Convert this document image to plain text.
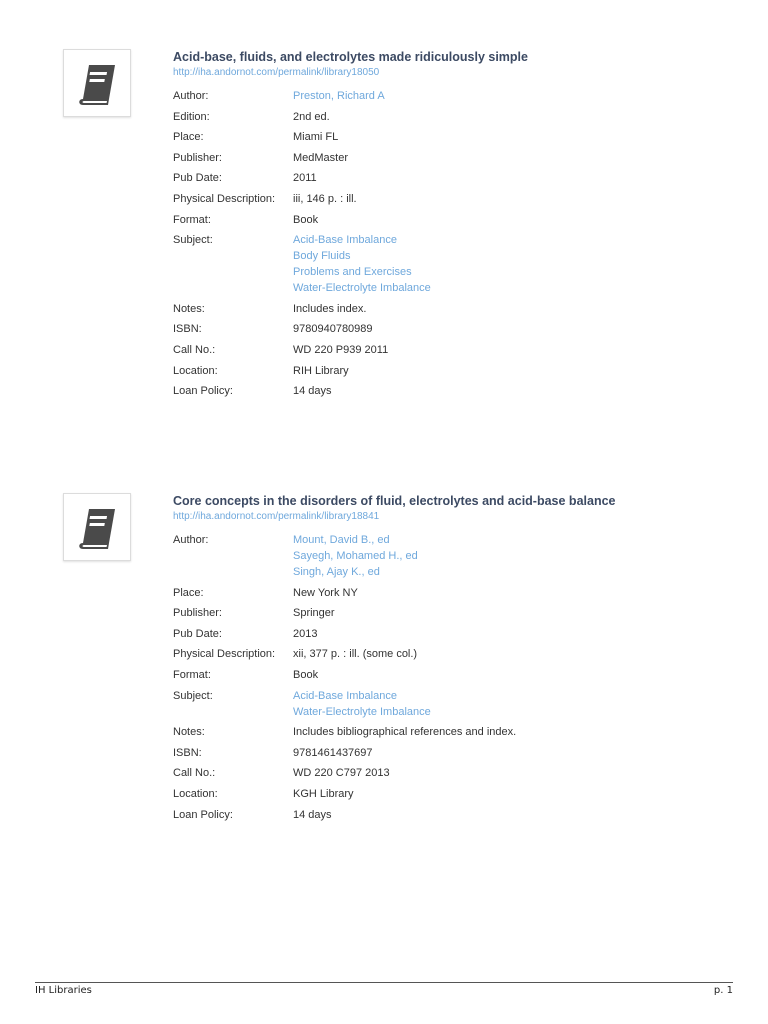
Acid-base, fluids, and electrolytes made ridiculously simple
http://iha.andornot.com/permalink/library18050
Author:	Preston, Richard A
Edition:	2nd ed.
Place:	Miami FL
Publisher:	MedMaster
Pub Date:	2011
Physical Description:	iii, 146 p. : ill.
Format:	Book
Subject:	Acid-Base Imbalance
Body Fluids
Problems and Exercises
Water-Electrolyte Imbalance
Notes:	Includes index.
ISBN:	9780940780989
Call No.:	WD 220 P939 2011
Location:	RIH Library
Loan Policy:	14 days
Core concepts in the disorders of fluid, electrolytes and acid-base balance
http://iha.andornot.com/permalink/library18841
Author:	Mount, David B., ed
Sayegh, Mohamed H., ed
Singh, Ajay K., ed
Place:	New York NY
Publisher:	Springer
Pub Date:	2013
Physical Description:	xii, 377 p. : ill. (some col.)
Format:	Book
Subject:	Acid-Base Imbalance
Water-Electrolyte Imbalance
Notes:	Includes bibliographical references and index.
ISBN:	9781461437697
Call No.:	WD 220 C797 2013
Location:	KGH Library
Loan Policy:	14 days
IH Libraries	p. 1
